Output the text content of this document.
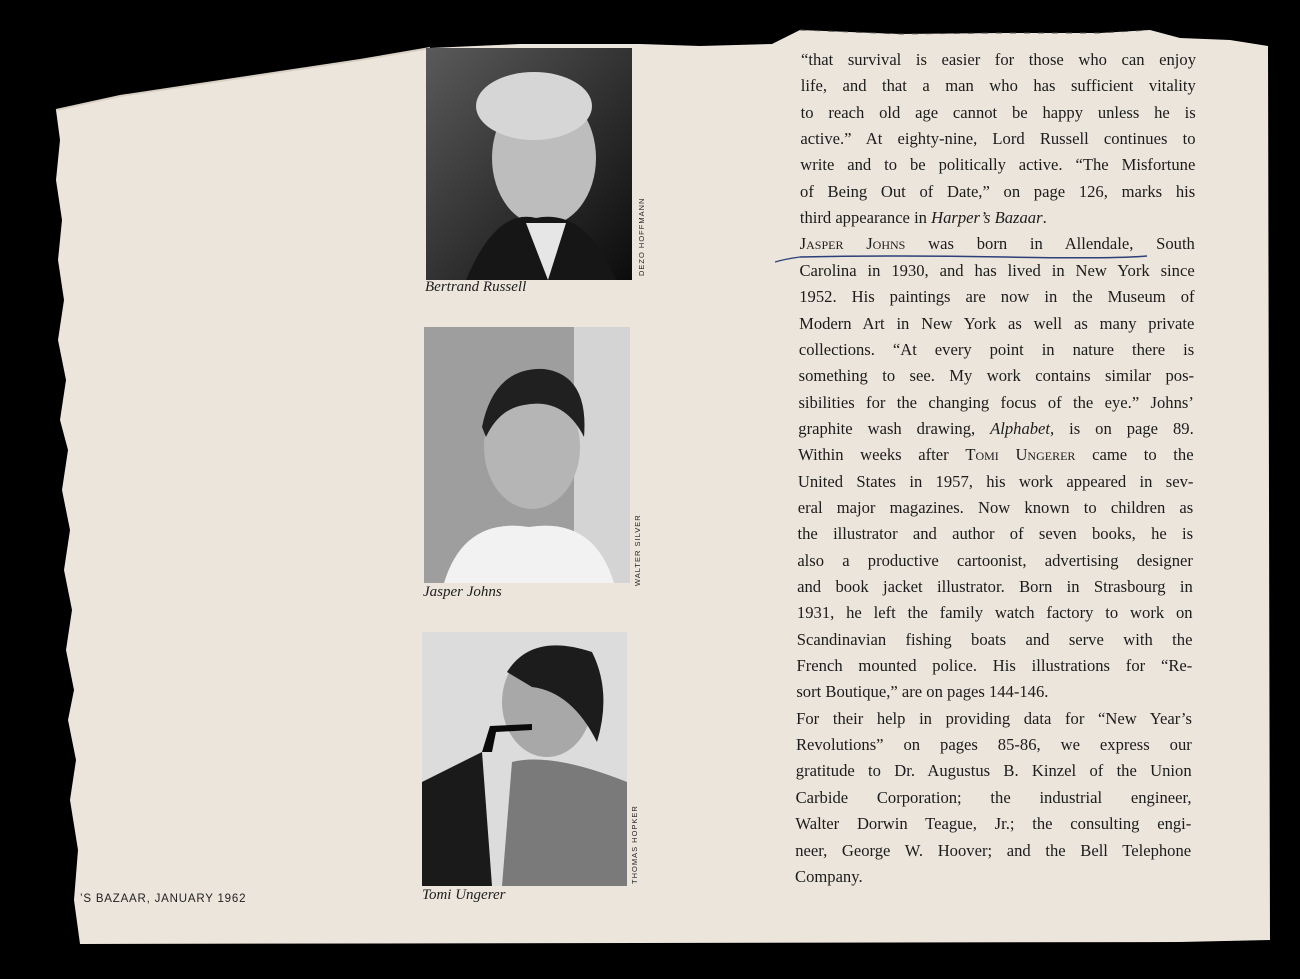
DEZO HOFFMANN
Bertrand Russell
WALTER SILVER
Jasper Johns
THOMAS HOPKER
Tomi Ungerer
“that survival is easier for those who can enjoy
life, and that a man who has sufficient vitality
to reach old age cannot be happy unless he is
active.” At eighty-nine, Lord Russell continues to
write and to be politically active. “The Misfortune
of Being Out of Date,” on page 126, marks his
third appearance in Harper’s Bazaar.
Jasper Johns was born in Allendale, South
Carolina in 1930, and has lived in New York since
1952. His paintings are now in the Museum of
Modern Art in New York as well as many private
collections. “At every point in nature there is
something to see. My work contains similar pos-
sibilities for the changing focus of the eye.” Johns’
graphite wash drawing, Alphabet, is on page 89.
Within weeks after Tomi Ungerer came to the
United States in 1957, his work appeared in sev-
eral major magazines. Now known to children as
the illustrator and author of seven books, he is
also a productive cartoonist, advertising designer
and book jacket illustrator. Born in Strasbourg in
1931, he left the family watch factory to work on
Scandinavian fishing boats and serve with the
French mounted police. His illustrations for “Re-
sort Boutique,” are on pages 144-146.
For their help in providing data for “New Year’s
Revolutions” on pages 85-86, we express our
gratitude to Dr. Augustus B. Kinzel of the Union
Carbide Corporation; the industrial engineer,
Walter Dorwin Teague, Jr.; the consulting engi-
neer, George W. Hoover; and the Bell Telephone
Company.
’S BAZAAR, JANUARY 1962
